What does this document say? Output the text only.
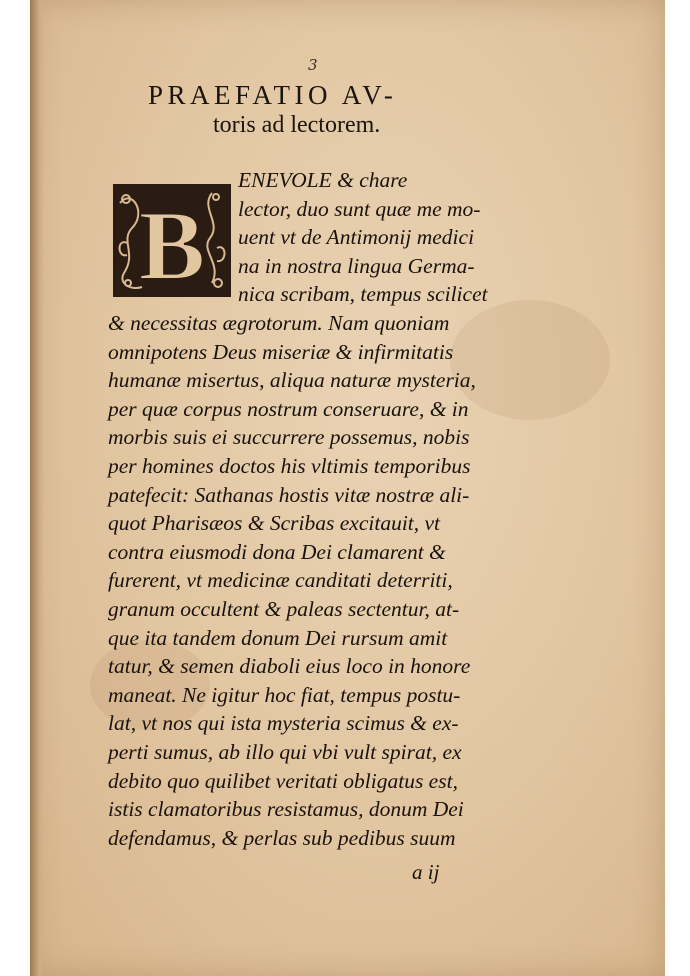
3
PRAEFATIO AV-
toris ad lectorem.
B
ENEVOLE & chare
lector, duo sunt quæ me mo-
uent vt de Antimonij medici
na in nostra lingua Germa-
nica scribam, tempus scilicet
& necessitas ægrotorum. Nam quoniam
omnipotens Deus miseriæ & infirmitatis
humanæ misertus, aliqua naturæ mysteria,
per quæ corpus nostrum conseruare, & in
morbis suis ei succurrere possemus, nobis
per homines doctos his vltimis temporibus
patefecit: Sathanas hostis vitæ nostræ ali-
quot Pharisæos & Scribas excitauit, vt
contra eiusmodi dona Dei clamarent &
furerent, vt medicinæ canditati deterriti,
granum occultent & paleas sectentur, at-
que ita tandem donum Dei rursum amit
tatur, & semen diaboli eius loco in honore
maneat. Ne igitur hoc fiat, tempus postu-
lat, vt nos qui ista mysteria scimus & ex-
perti sumus, ab illo qui vbi vult spirat, ex
debito quo quilibet veritati obligatus est,
istis clamatoribus resistamus, donum Dei
defendamus, & perlas sub pedibus suum
a ij
